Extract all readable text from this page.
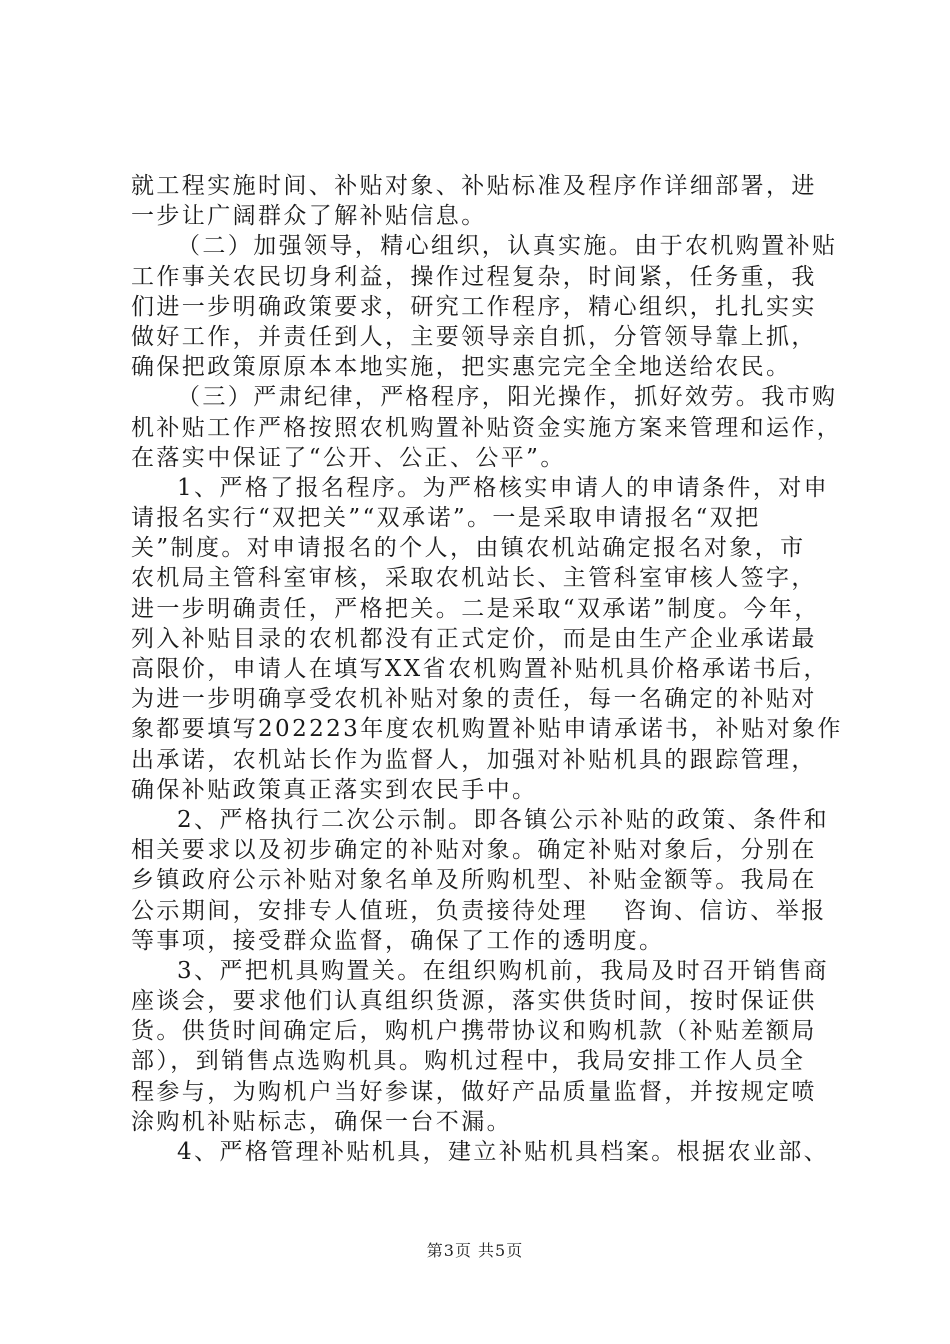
就工程实施时间、补贴对象、补贴标准及程序作详细部署，进
一步让广阔群众了解补贴信息。
（二）加强领导，精心组织，认真实施。由于农机购置补贴
工作事关农民切身利益，操作过程复杂，时间紧，任务重，我
们进一步明确政策要求，研究工作程序，精心组织，扎扎实实
做好工作，并责任到人，主要领导亲自抓，分管领导靠上抓，
确保把政策原原本本地实施，把实惠完完全全地送给农民。
（三）严肃纪律，严格程序，阳光操作，抓好效劳。我市购
机补贴工作严格按照农机购置补贴资金实施方案来管理和运作，
在落实中保证了“公开、公正、公平”。
1、严格了报名程序。为严格核实申请人的申请条件，对申
请报名实行“双把关”“双承诺”。一是采取申请报名“双把
关”制度。对申请报名的个人，由镇农机站确定报名对象，市
农机局主管科室审核，采取农机站长、主管科室审核人签字，
进一步明确责任，严格把关。二是采取“双承诺”制度。今年，
列入补贴目录的农机都没有正式定价，而是由生产企业承诺最
高限价，申请人在填写XX省农机购置补贴机具价格承诺书后，
为进一步明确享受农机补贴对象的责任，每一名确定的补贴对
象都要填写202223年度农机购置补贴申请承诺书，补贴对象作
出承诺，农机站长作为监督人，加强对补贴机具的跟踪管理，
确保补贴政策真正落实到农民手中。
2、严格执行二次公示制。即各镇公示补贴的政策、条件和
相关要求以及初步确定的补贴对象。确定补贴对象后，分别在
乡镇政府公示补贴对象名单及所购机型、补贴金额等。我局在
公示期间，安排专人值班，负责接待处理　 咨询、信访、举报
等事项，接受群众监督，确保了工作的透明度。
3、严把机具购置关。在组织购机前，我局及时召开销售商
座谈会，要求他们认真组织货源，落实供货时间，按时保证供
货。供货时间确定后，购机户携带协议和购机款（补贴差额局
部），到销售点选购机具。购机过程中，我局安排工作人员全
程参与，为购机户当好参谋，做好产品质量监督，并按规定喷
涂购机补贴标志，确保一台不漏。
4、严格管理补贴机具，建立补贴机具档案。根据农业部、
第3页 共5页
